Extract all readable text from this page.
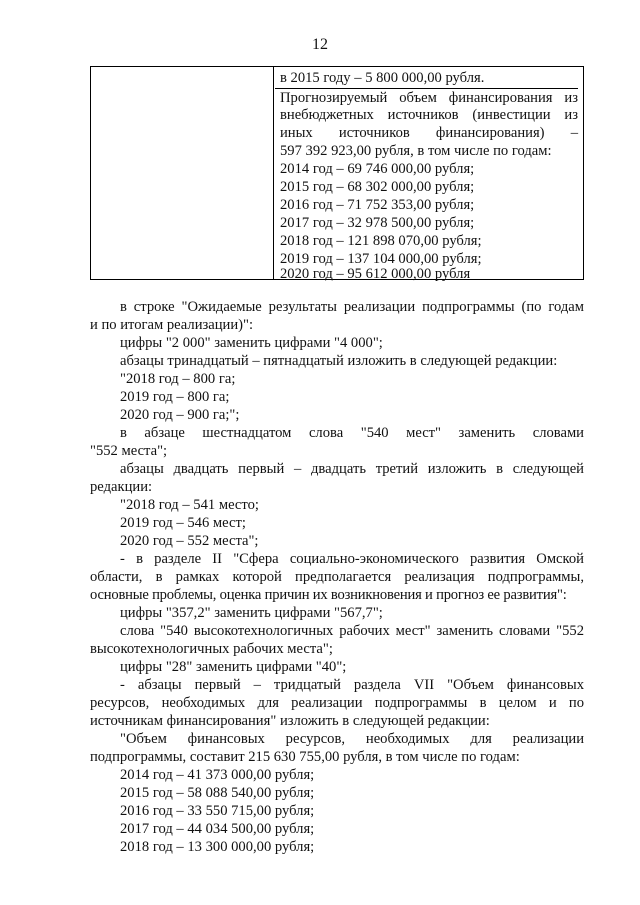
12
в 2015 году – 5 800 000,00 рубля.
Прогнозируемый объем финансирования из
внебюджетных источников (инвестиции из
иных источников финансирования) –
597 392 923,00 рубля, в том числе по годам:
2014 год – 69 746 000,00 рубля;
2015 год – 68 302 000,00 рубля;
2016 год – 71 752 353,00 рубля;
2017 год – 32 978 500,00 рубля;
2018 год – 121 898 070,00 рубля;
2019 год – 137 104 000,00 рубля;
2020 год – 95 612 000,00 рубля
в строке "Ожидаемые результаты реализации подпрограммы (по годам
и по итогам реализации)":
цифры "2 000" заменить цифрами "4 000";
абзацы тринадцатый – пятнадцатый изложить в следующей редакции:
"2018 год – 800 га;
2019 год – 800 га;
2020 год – 900 га;";
в абзаце шестнадцатом слова "540 мест" заменить словами
"552 места";
абзацы двадцать первый – двадцать третий изложить в следующей
редакции:
"2018 год – 541 место;
2019 год – 546 мест;
2020 год – 552 места";
- в разделе II "Сфера социально-экономического развития Омской
области, в рамках которой предполагается реализация подпрограммы,
основные проблемы, оценка причин их возникновения и прогноз ее развития":
цифры "357,2" заменить цифрами "567,7";
слова "540 высокотехнологичных рабочих мест" заменить словами "552
высокотехнологичных рабочих места";
цифры "28" заменить цифрами "40";
- абзацы первый – тридцатый раздела VII "Объем финансовых
ресурсов, необходимых для реализации подпрограммы в целом и по
источникам финансирования" изложить в следующей редакции:
"Объем финансовых ресурсов, необходимых для реализации
подпрограммы, составит 215 630 755,00 рубля, в том числе по годам:
2014 год – 41 373 000,00 рубля;
2015 год – 58 088 540,00 рубля;
2016 год – 33 550 715,00 рубля;
2017 год – 44 034 500,00 рубля;
2018 год – 13 300 000,00 рубля;
